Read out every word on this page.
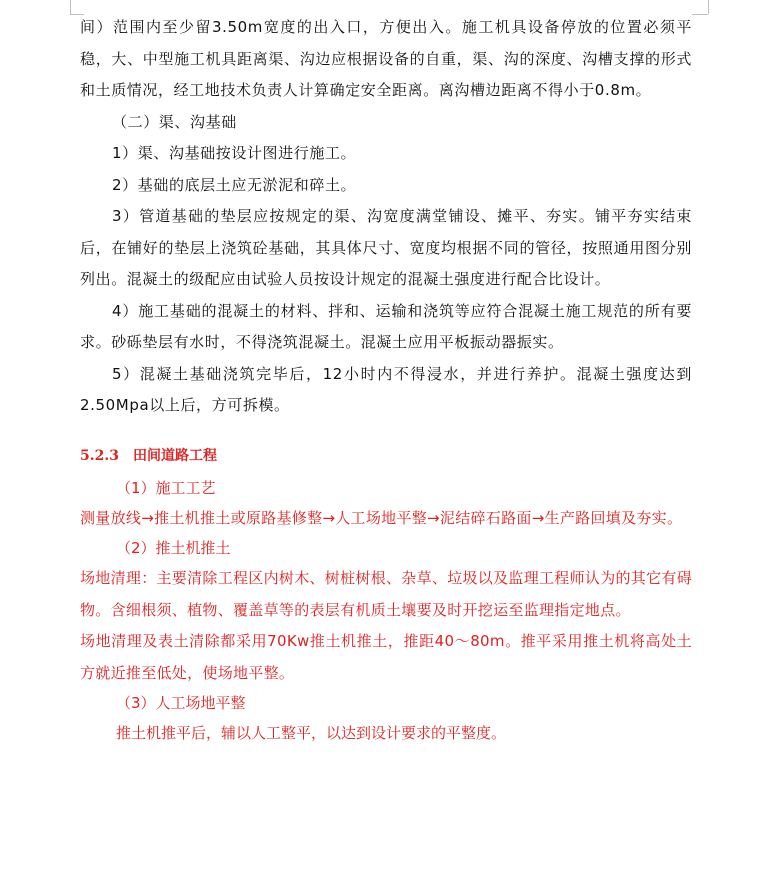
间）范围内至少留3.50m宽度的出入口，方便出入。施工机具设备停放的位置必须平稳，大、中型施工机具距离渠、沟边应根据设备的自重，渠、沟的深度、沟槽支撑的形式和土质情况，经工地技术负责人计算确定安全距离。离沟槽边距离不得小于0.8m。

（二）渠、沟基础

1）渠、沟基础按设计图进行施工。

2）基础的底层土应无淤泥和碎土。

3）管道基础的垫层应按规定的渠、沟宽度满堂铺设、摊平、夯实。铺平夯实结束后，在铺好的垫层上浇筑砼基础，其具体尺寸、宽度均根据不同的管径，按照通用图分别列出。混凝土的级配应由试验人员按设计规定的混凝土强度进行配合比设计。

4）施工基础的混凝土的材料、拌和、运输和浇筑等应符合混凝土施工规范的所有要求。砂砾垫层有水时，不得浇筑混凝土。混凝土应用平板振动器振实。

5）混凝土基础浇筑完毕后，12小时内不得浸水，并进行养护。混凝土强度达到2.50Mpa以上后，方可拆模。

5.2.3　田间道路工程

（1）施工工艺

测量放线→推土机推土或原路基修整→人工场地平整→泥结碎石路面→生产路回填及夯实。

（2）推土机推土

场地清理：主要清除工程区内树木、树桩树根、杂草、垃圾以及监理工程师认为的其它有碍物。含细根须、植物、覆盖草等的表层有机质土壤要及时开挖运至监理指定地点。

场地清理及表土清除都采用70Kw推土机推土，推距40～80m。推平采用推土机将高处土方就近推至低处，使场地平整。

（3）人工场地平整

推土机推平后，辅以人工整平，以达到设计要求的平整度。
